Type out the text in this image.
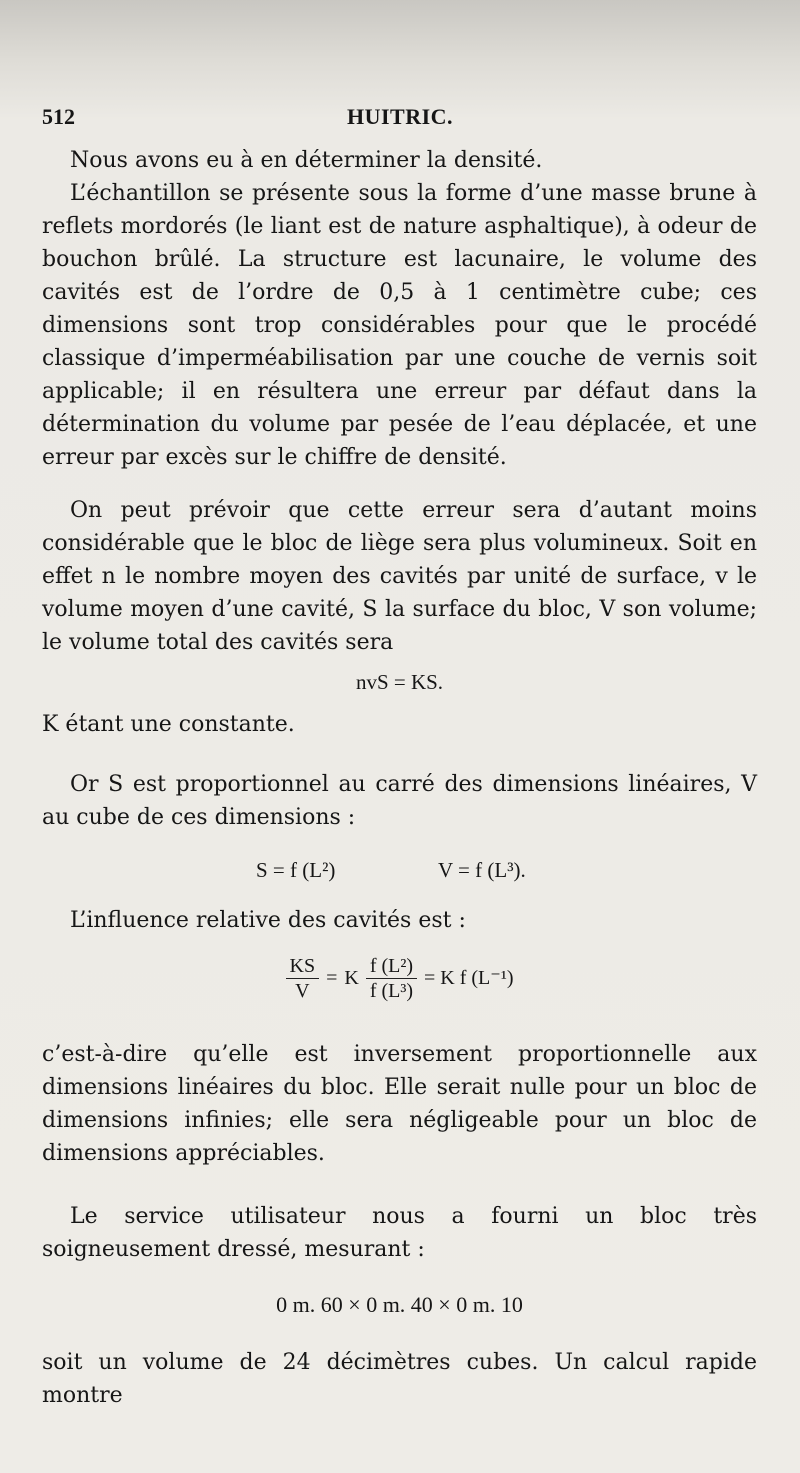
512	HUITRIC.

Nous avons eu à en déterminer la densité.

L’échantillon se présente sous la forme d’une masse brune à reflets mordorés (le liant est de nature asphaltique), à odeur de bouchon brûlé. La structure est lacunaire, le volume des cavités est de l’ordre de 0,5 à 1 centimètre cube; ces dimensions sont trop considérables pour que le procédé classique d’imperméabilisation par une couche de vernis soit applicable; il en résultera une erreur par défaut dans la détermination du volume par pesée de l’eau déplacée, et une erreur par excès sur le chiffre de densité.

On peut prévoir que cette erreur sera d’autant moins considérable que le bloc de liège sera plus volumineux. Soit en effet n le nombre moyen des cavités par unité de surface, v le volume moyen d’une cavité, S la surface du bloc, V son volume; le volume total des cavités sera

nvS = KS.

K étant une constante.

Or S est proportionnel au carré des dimensions linéaires, V au cube de ces dimensions :

S = f (L²)	V = f (L³).

L’influence relative des cavités est :

$\frac{KS}{V} = K \frac{\text{f (L²)}}{\text{f (L³)}} = K$ f (L⁻¹)

c’est-à-dire qu’elle est inversement proportionnelle aux dimensions linéaires du bloc. Elle serait nulle pour un bloc de dimensions infinies; elle sera négligeable pour un bloc de dimensions appréciables.

Le service utilisateur nous a fourni un bloc très soigneusement dressé, mesurant :

0 m. 60 × 0 m. 40 × 0 m. 10

soit un volume de 24 décimètres cubes. Un calcul rapide montre
